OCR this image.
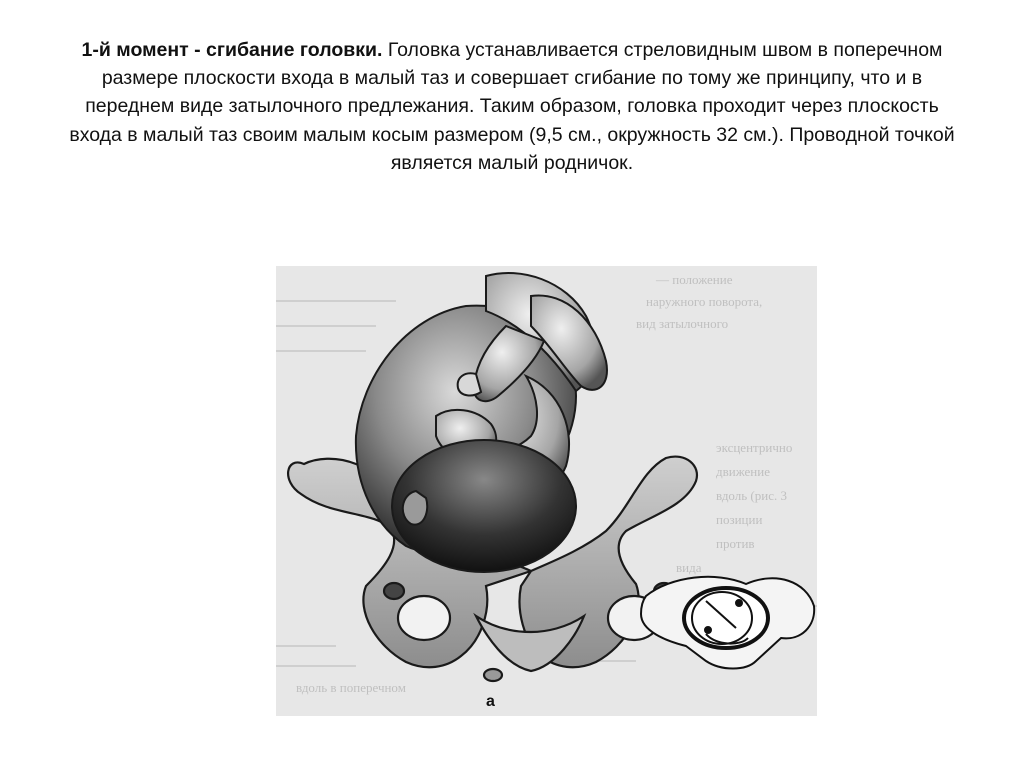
1-й момент - сгибание головки. Головка устанавливается стреловидным швом в поперечном размере плоскости входа в малый таз и совершает сгибание по тому же принципу, что и в переднем виде затылочного предлежания. Таким образом, головка проходит через плоскость входа в малый таз своим малым косым размером (9,5 см., окружность 32 см.). Проводной точкой является малый родничок.
— положение
наружного поворота,
вид затылочного
эксцентрично
движение
вдоль (рис. 3
позиции
против
вида
вдоль в поперечном
а
